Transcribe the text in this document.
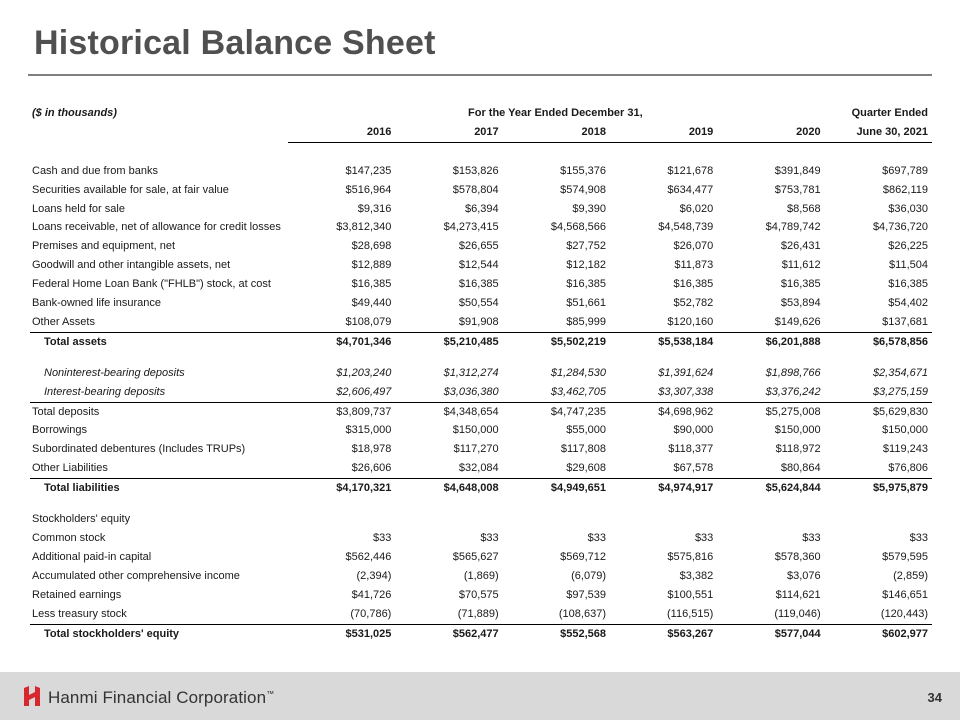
Historical Balance Sheet
($ in thousands)	For the Year Ended December 31,					Quarter Ended
	2016	2017	2018	2019	2020	June 30, 2021

Cash and due from banks	$147,235	$153,826	$155,376	$121,678	$391,849	$697,789
Securities available for sale, at fair value	$516,964	$578,804	$574,908	$634,477	$753,781	$862,119
Loans held for sale	$9,316	$6,394	$9,390	$6,020	$8,568	$36,030
Loans receivable, net of allowance for credit losses	$3,812,340	$4,273,415	$4,568,566	$4,548,739	$4,789,742	$4,736,720
Premises and equipment, net	$28,698	$26,655	$27,752	$26,070	$26,431	$26,225
Goodwill and other intangible assets, net	$12,889	$12,544	$12,182	$11,873	$11,612	$11,504
Federal Home Loan Bank ("FHLB") stock, at cost	$16,385	$16,385	$16,385	$16,385	$16,385	$16,385
Bank-owned life insurance	$49,440	$50,554	$51,661	$52,782	$53,894	$54,402
Other Assets	$108,079	$91,908	$85,999	$120,160	$149,626	$137,681
Total assets	$4,701,346	$5,210,485	$5,502,219	$5,538,184	$6,201,888	$6,578,856

Noninterest-bearing deposits	$1,203,240	$1,312,274	$1,284,530	$1,391,624	$1,898,766	$2,354,671
Interest-bearing deposits	$2,606,497	$3,036,380	$3,462,705	$3,307,338	$3,376,242	$3,275,159
Total deposits	$3,809,737	$4,348,654	$4,747,235	$4,698,962	$5,275,008	$5,629,830
Borrowings	$315,000	$150,000	$55,000	$90,000	$150,000	$150,000
Subordinated debentures (Includes TRUPs)	$18,978	$117,270	$117,808	$118,377	$118,972	$119,243
Other Liabilities	$26,606	$32,084	$29,608	$67,578	$80,864	$76,806
Total liabilities	$4,170,321	$4,648,008	$4,949,651	$4,974,917	$5,624,844	$5,975,879

Stockholders' equity						
Common stock	$33	$33	$33	$33	$33	$33
Additional paid-in capital	$562,446	$565,627	$569,712	$575,816	$578,360	$579,595
Accumulated other comprehensive income	(2,394)	(1,869)	(6,079)	$3,382	$3,076	(2,859)
Retained earnings	$41,726	$70,575	$97,539	$100,551	$114,621	$146,651
Less treasury stock	(70,786)	(71,889)	(108,637)	(116,515)	(119,046)	(120,443)
Total stockholders' equity	$531,025	$562,477	$552,568	$563,267	$577,044	$602,977
Hanmi Financial Corporation™	34
